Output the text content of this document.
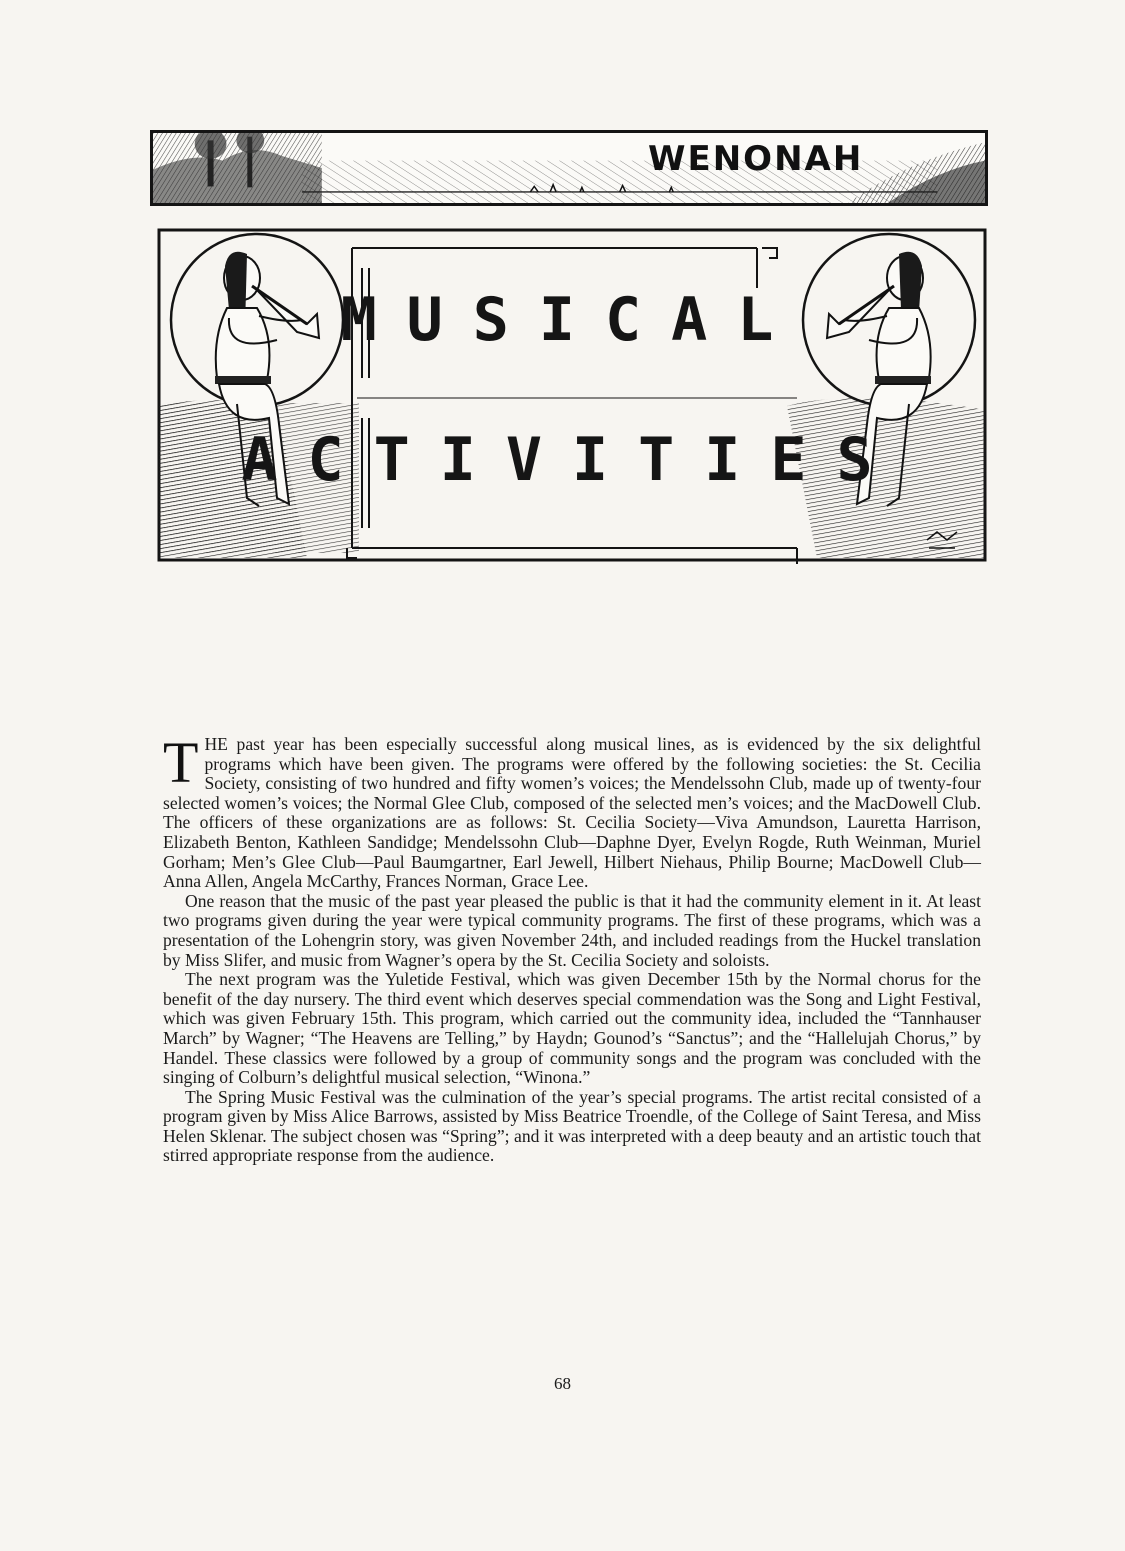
WENONAH
MUSICAL
ACTIVITIES

THE past year has been especially successful along musical lines, as is evidenced by the six delightful programs which have been given. The programs were offered by the following societies: the St. Cecilia Society, consisting of two hundred and fifty women’s voices; the Mendelssohn Club, made up of twenty-four selected women’s voices; the Normal Glee Club, composed of the selected men’s voices; and the MacDowell Club. The officers of these organizations are as follows: St. Cecilia Society—Viva Amundson, Lauretta Harrison, Elizabeth Benton, Kathleen Sandidge; Mendelssohn Club—Daphne Dyer, Evelyn Rogde, Ruth Weinman, Muriel Gorham; Men’s Glee Club—Paul Baumgartner, Earl Jewell, Hilbert Niehaus, Philip Bourne; MacDowell Club—Anna Allen, Angela McCarthy, Frances Norman, Grace Lee.

One reason that the music of the past year pleased the public is that it had the community element in it. At least two programs given during the year were typical community programs. The first of these programs, which was a presentation of the Lohengrin story, was given November 24th, and included readings from the Huckel translation by Miss Slifer, and music from Wagner’s opera by the St. Cecilia Society and soloists.

The next program was the Yuletide Festival, which was given December 15th by the Normal chorus for the benefit of the day nursery. The third event which deserves special commendation was the Song and Light Festival, which was given February 15th. This program, which carried out the community idea, included the “Tannhauser March” by Wagner; “The Heavens are Telling,” by Haydn; Gounod’s “Sanctus”; and the “Hallelujah Chorus,” by Handel. These classics were followed by a group of community songs and the program was concluded with the singing of Colburn’s delightful musical selection, “Winona.”

The Spring Music Festival was the culmination of the year’s special programs. The artist recital consisted of a program given by Miss Alice Barrows, assisted by Miss Beatrice Troendle, of the College of Saint Teresa, and Miss Helen Sklenar. The subject chosen was “Spring”; and it was interpreted with a deep beauty and an artistic touch that stirred appropriate response from the audience.

68
